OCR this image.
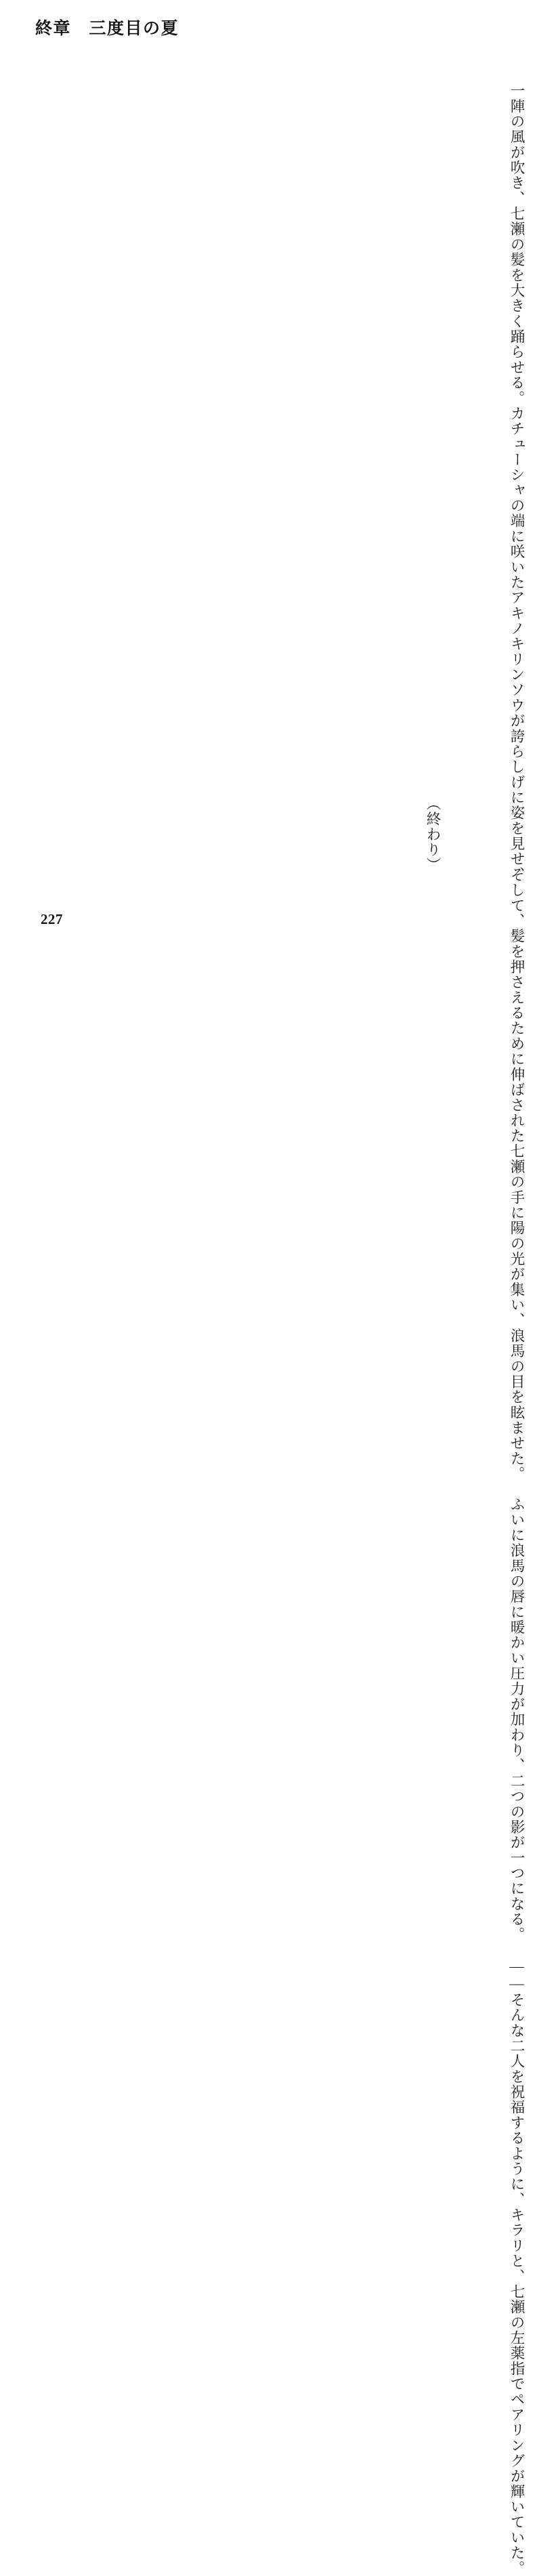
終章　三度目の夏
　一陣の風が吹き、七瀬の髪を大きく踊らせる。カチューシャの端に咲いたアキノキリンソウが誇らしげに姿を見せ、
そして、髪を押さえるために伸ばされた七瀬の手に陽の光が集い、浪馬の目を眩ませた。
　ふいに浪馬の唇に暖かい圧力が加わり、二つの影が一つになる。
　――そんな二人を祝福するように、キラリと、七瀬の左薬指でペアリングが輝いていた。
（終わり）
227
